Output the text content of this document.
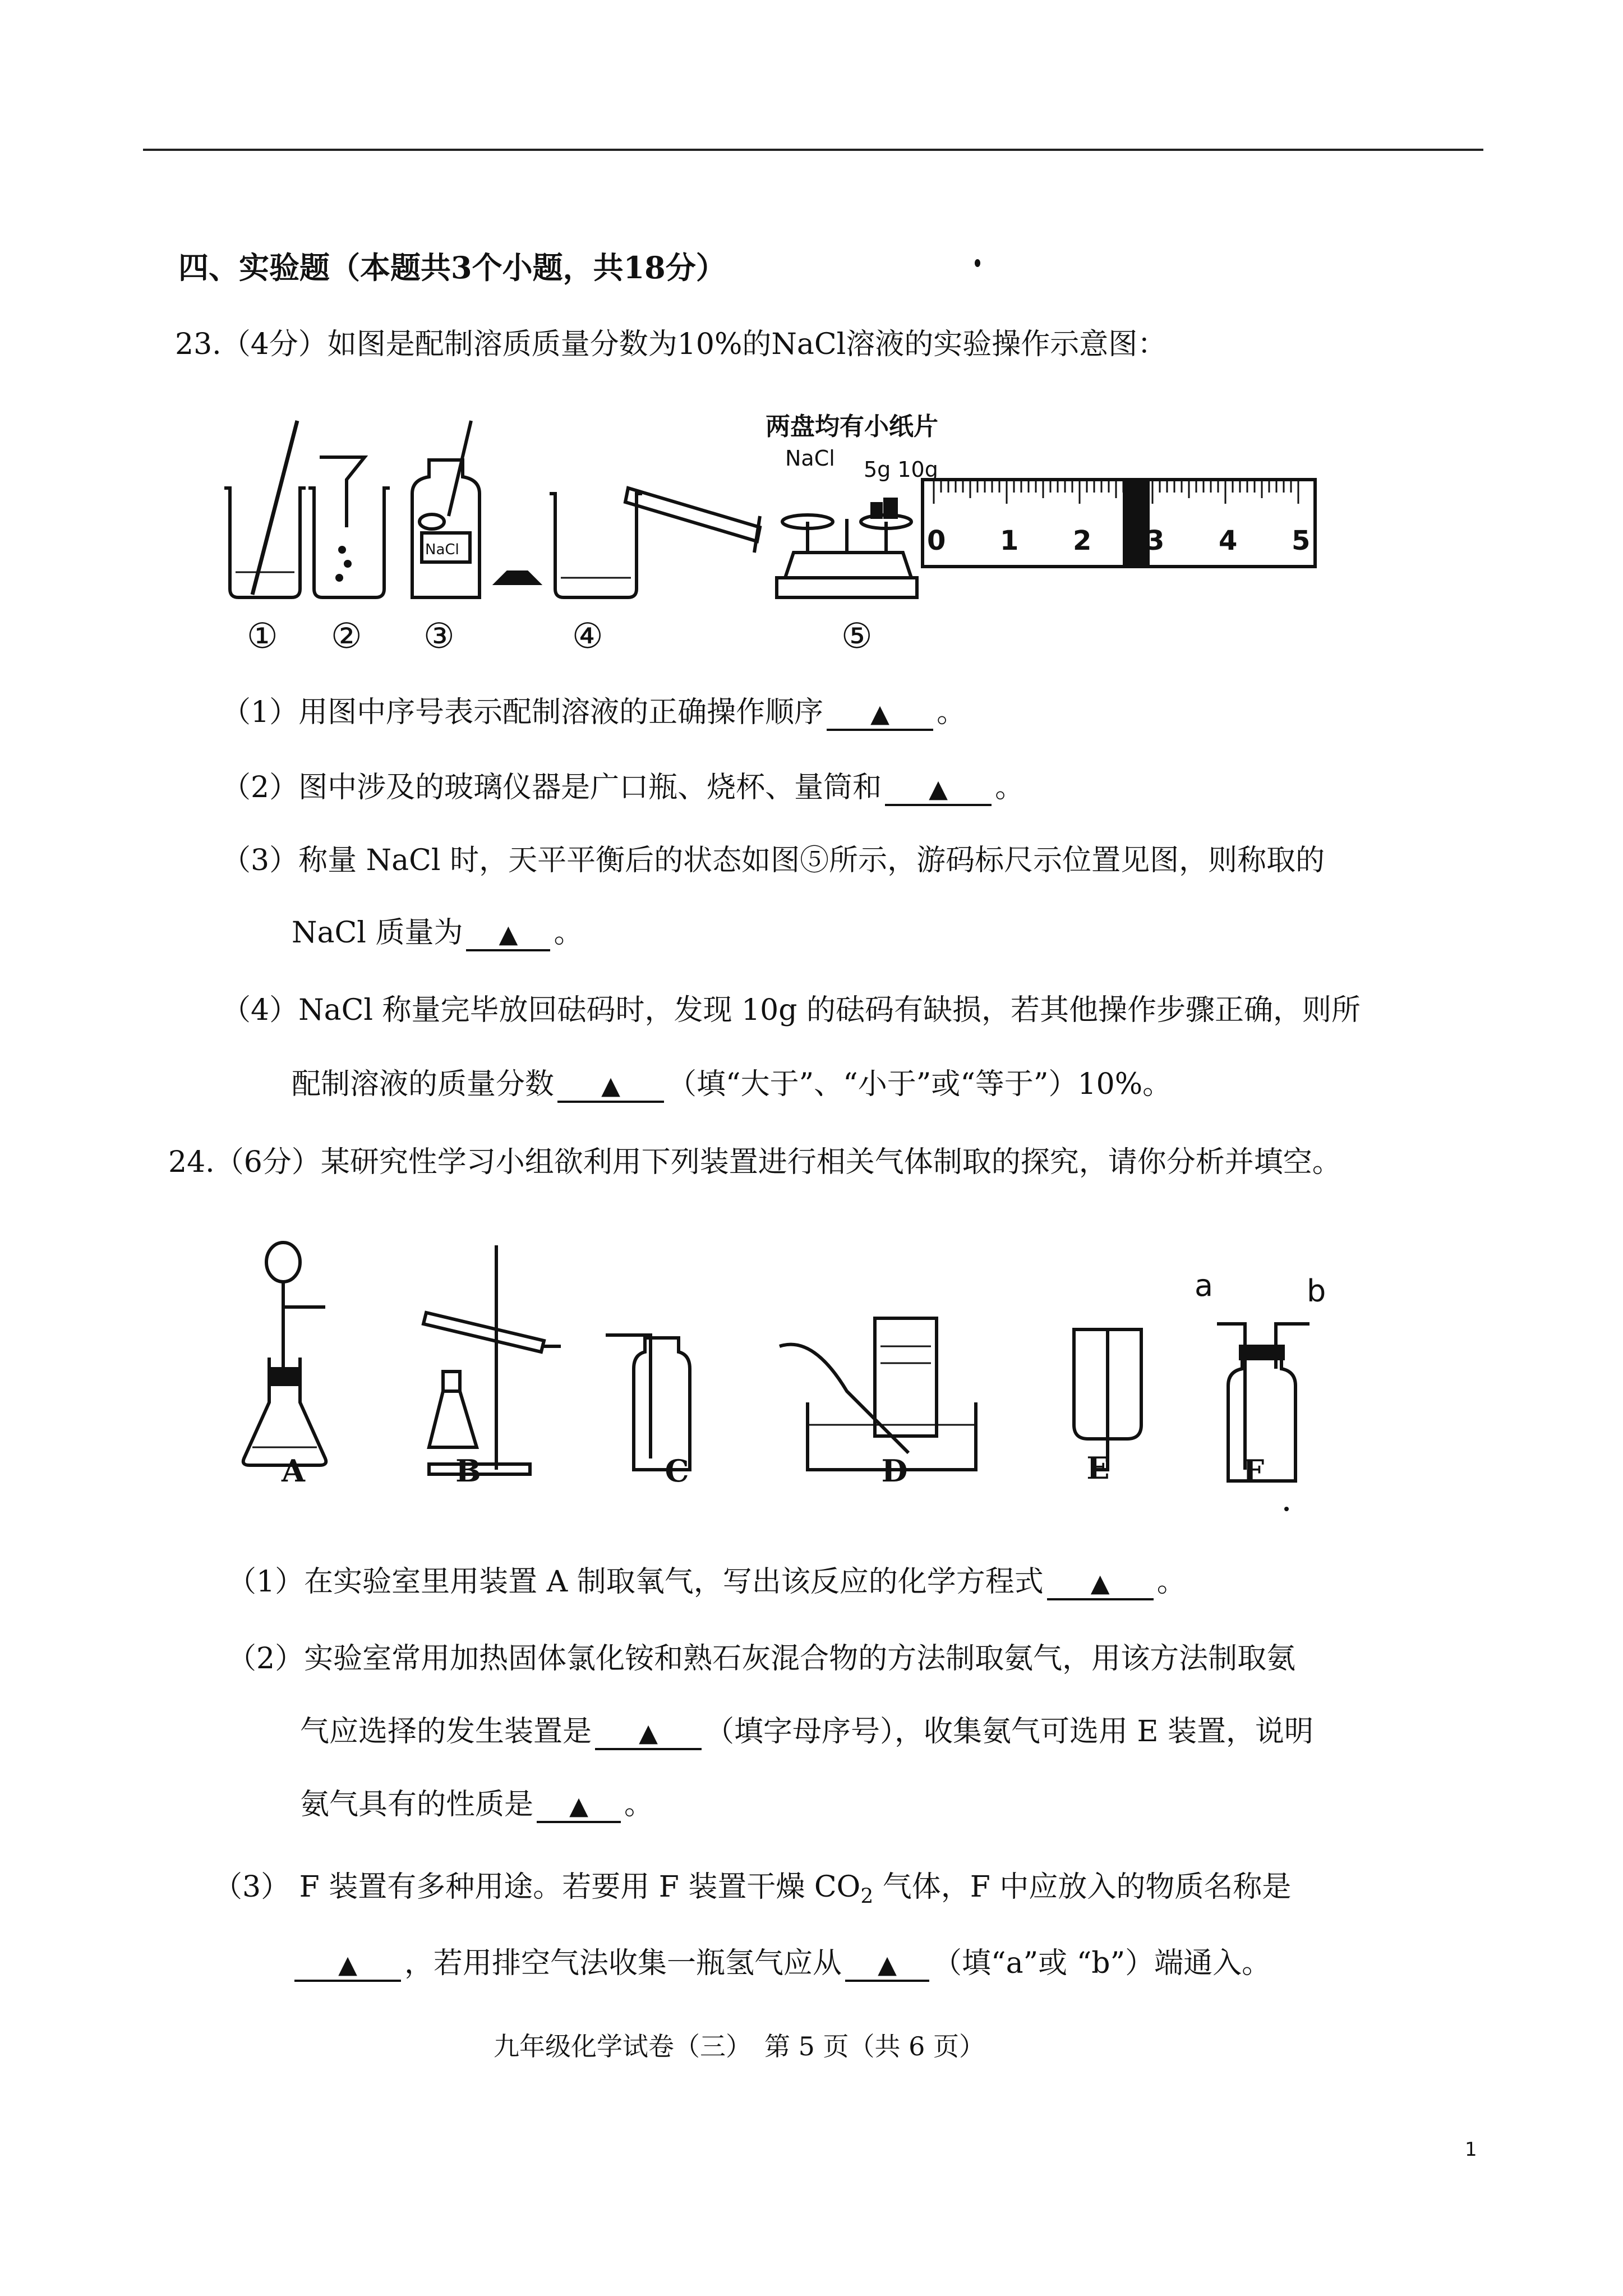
四、实验题（本题共3个小题，共18分）
23.（4分）如图是配制溶质质量分数为10%的NaCl溶液的实验操作示意图：
两盘均有小纸片
NaCl 5g 10g
NaCl	0 1 2 3 4 5
① ② ③	④	⑤
（1）用图中序号表示配制溶液的正确操作顺序 ▲ 。
（2）图中涉及的玻璃仪器是广口瓶、烧杯、量筒和 ▲ 。
（3）称量 NaCl 时，天平平衡后的状态如图⑤所示，游码标尺示位置见图，则称取的
NaCl 质量为 ▲ 。
（4）NaCl 称量完毕放回砝码时，发现 10g 的砝码有缺损，若其他操作步骤正确，则所
配制溶液的质量分数 ▲ （填“大于”、“小于”或“等于”）10%。
24.（6分）某研究性学习小组欲利用下列装置进行相关气体制取的探究，请你分析并填空。
a	b
A	B	C	D	E	F
（1）在实验室里用装置 A 制取氧气，写出该反应的化学方程式 ▲ 。
（2）实验室常用加热固体氯化铵和熟石灰混合物的方法制取氨气，用该方法制取氨
气应选择的发生装置是 ▲ （填字母序号），收集氨气可选用 E 装置，说明
氨气具有的性质是 ▲ 。
（3） F 装置有多种用途。若要用 F 装置干燥 $CO_2$ 气体，F 中应放入的物质名称是
▲ ，若用排空气法收集一瓶氢气应从 ▲ （填“a”或 “b”）端通入。
九年级化学试卷（三）　第 5 页（共 6 页）
1
